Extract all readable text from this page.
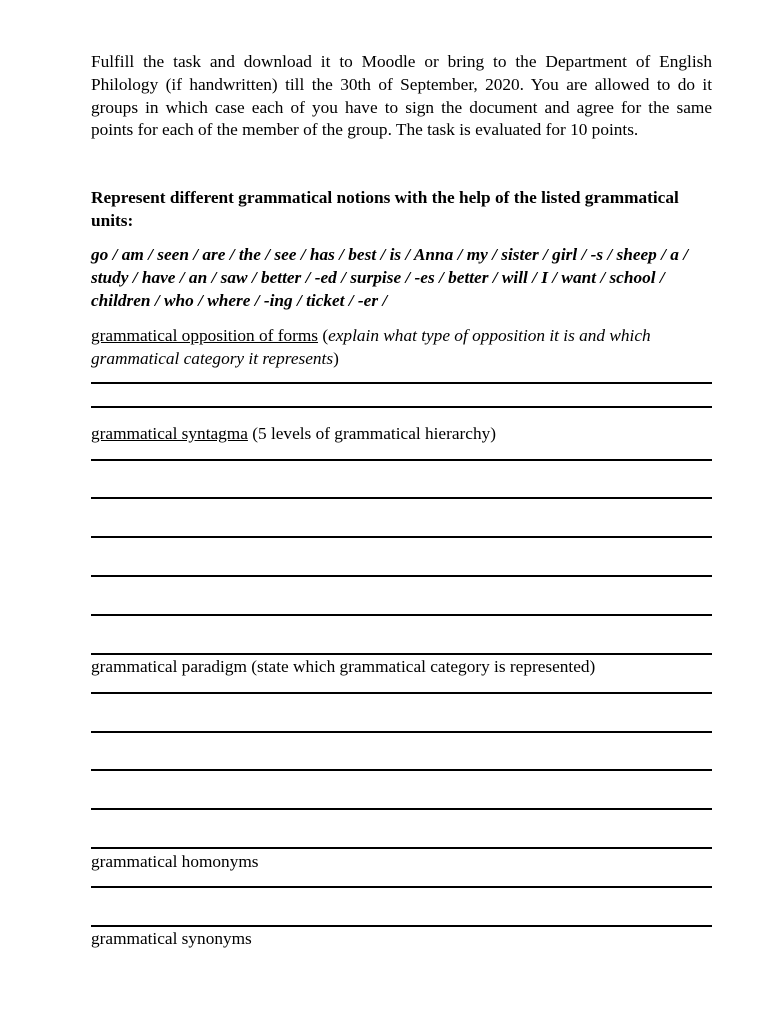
Fulfill the task and download it to Moodle or bring to the Department of English Philology (if handwritten) till the 30th of September, 2020. You are allowed to do it groups in which case each of you have to sign the document and agree for the same points for each of the member of the group. The task is evaluated for 10 points.

Represent different grammatical notions with the help of the listed grammatical units:

go / am / seen / are / the / see / has / best / is / Anna / my / sister / girl / -s / sheep / a / study / have / an / saw / better / -ed / surpise / -es / better / will / I / want / school / children / who / where / -ing / ticket / -er /

grammatical opposition of forms (explain what type of opposition it is and which grammatical category it represents)

grammatical syntagma (5 levels of grammatical hierarchy)

grammatical paradigm (state which grammatical category is represented)

grammatical homonyms

grammatical synonyms
